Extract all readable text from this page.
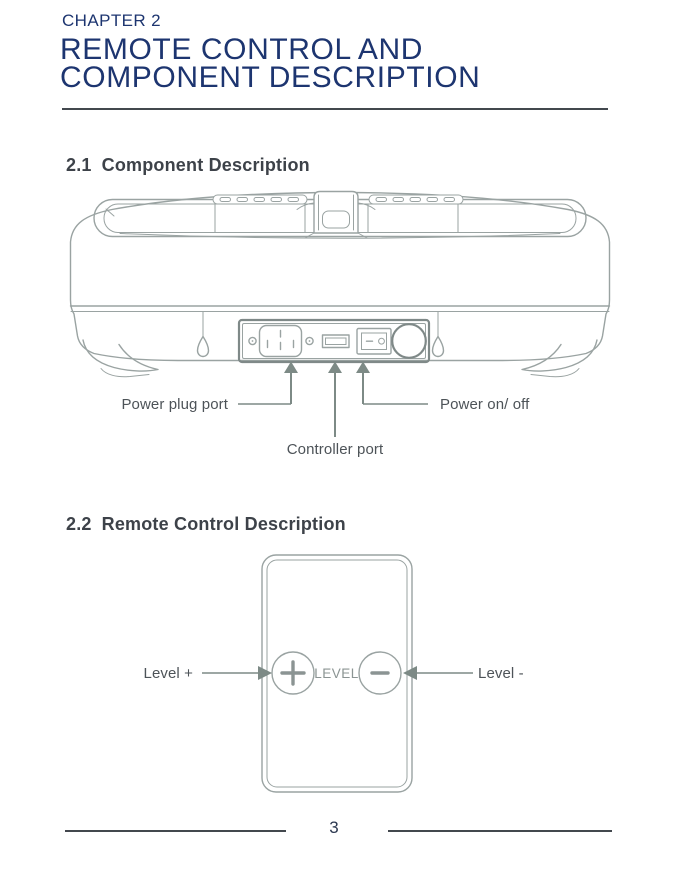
CHAPTER 2
REMOTE CONTROL AND
COMPONENT DESCRIPTION
2.1 Component Description
Power plug port	Power on/ off
Controller port
2.2 Remote Control Description
LEVEL
Level +	Level -
3
